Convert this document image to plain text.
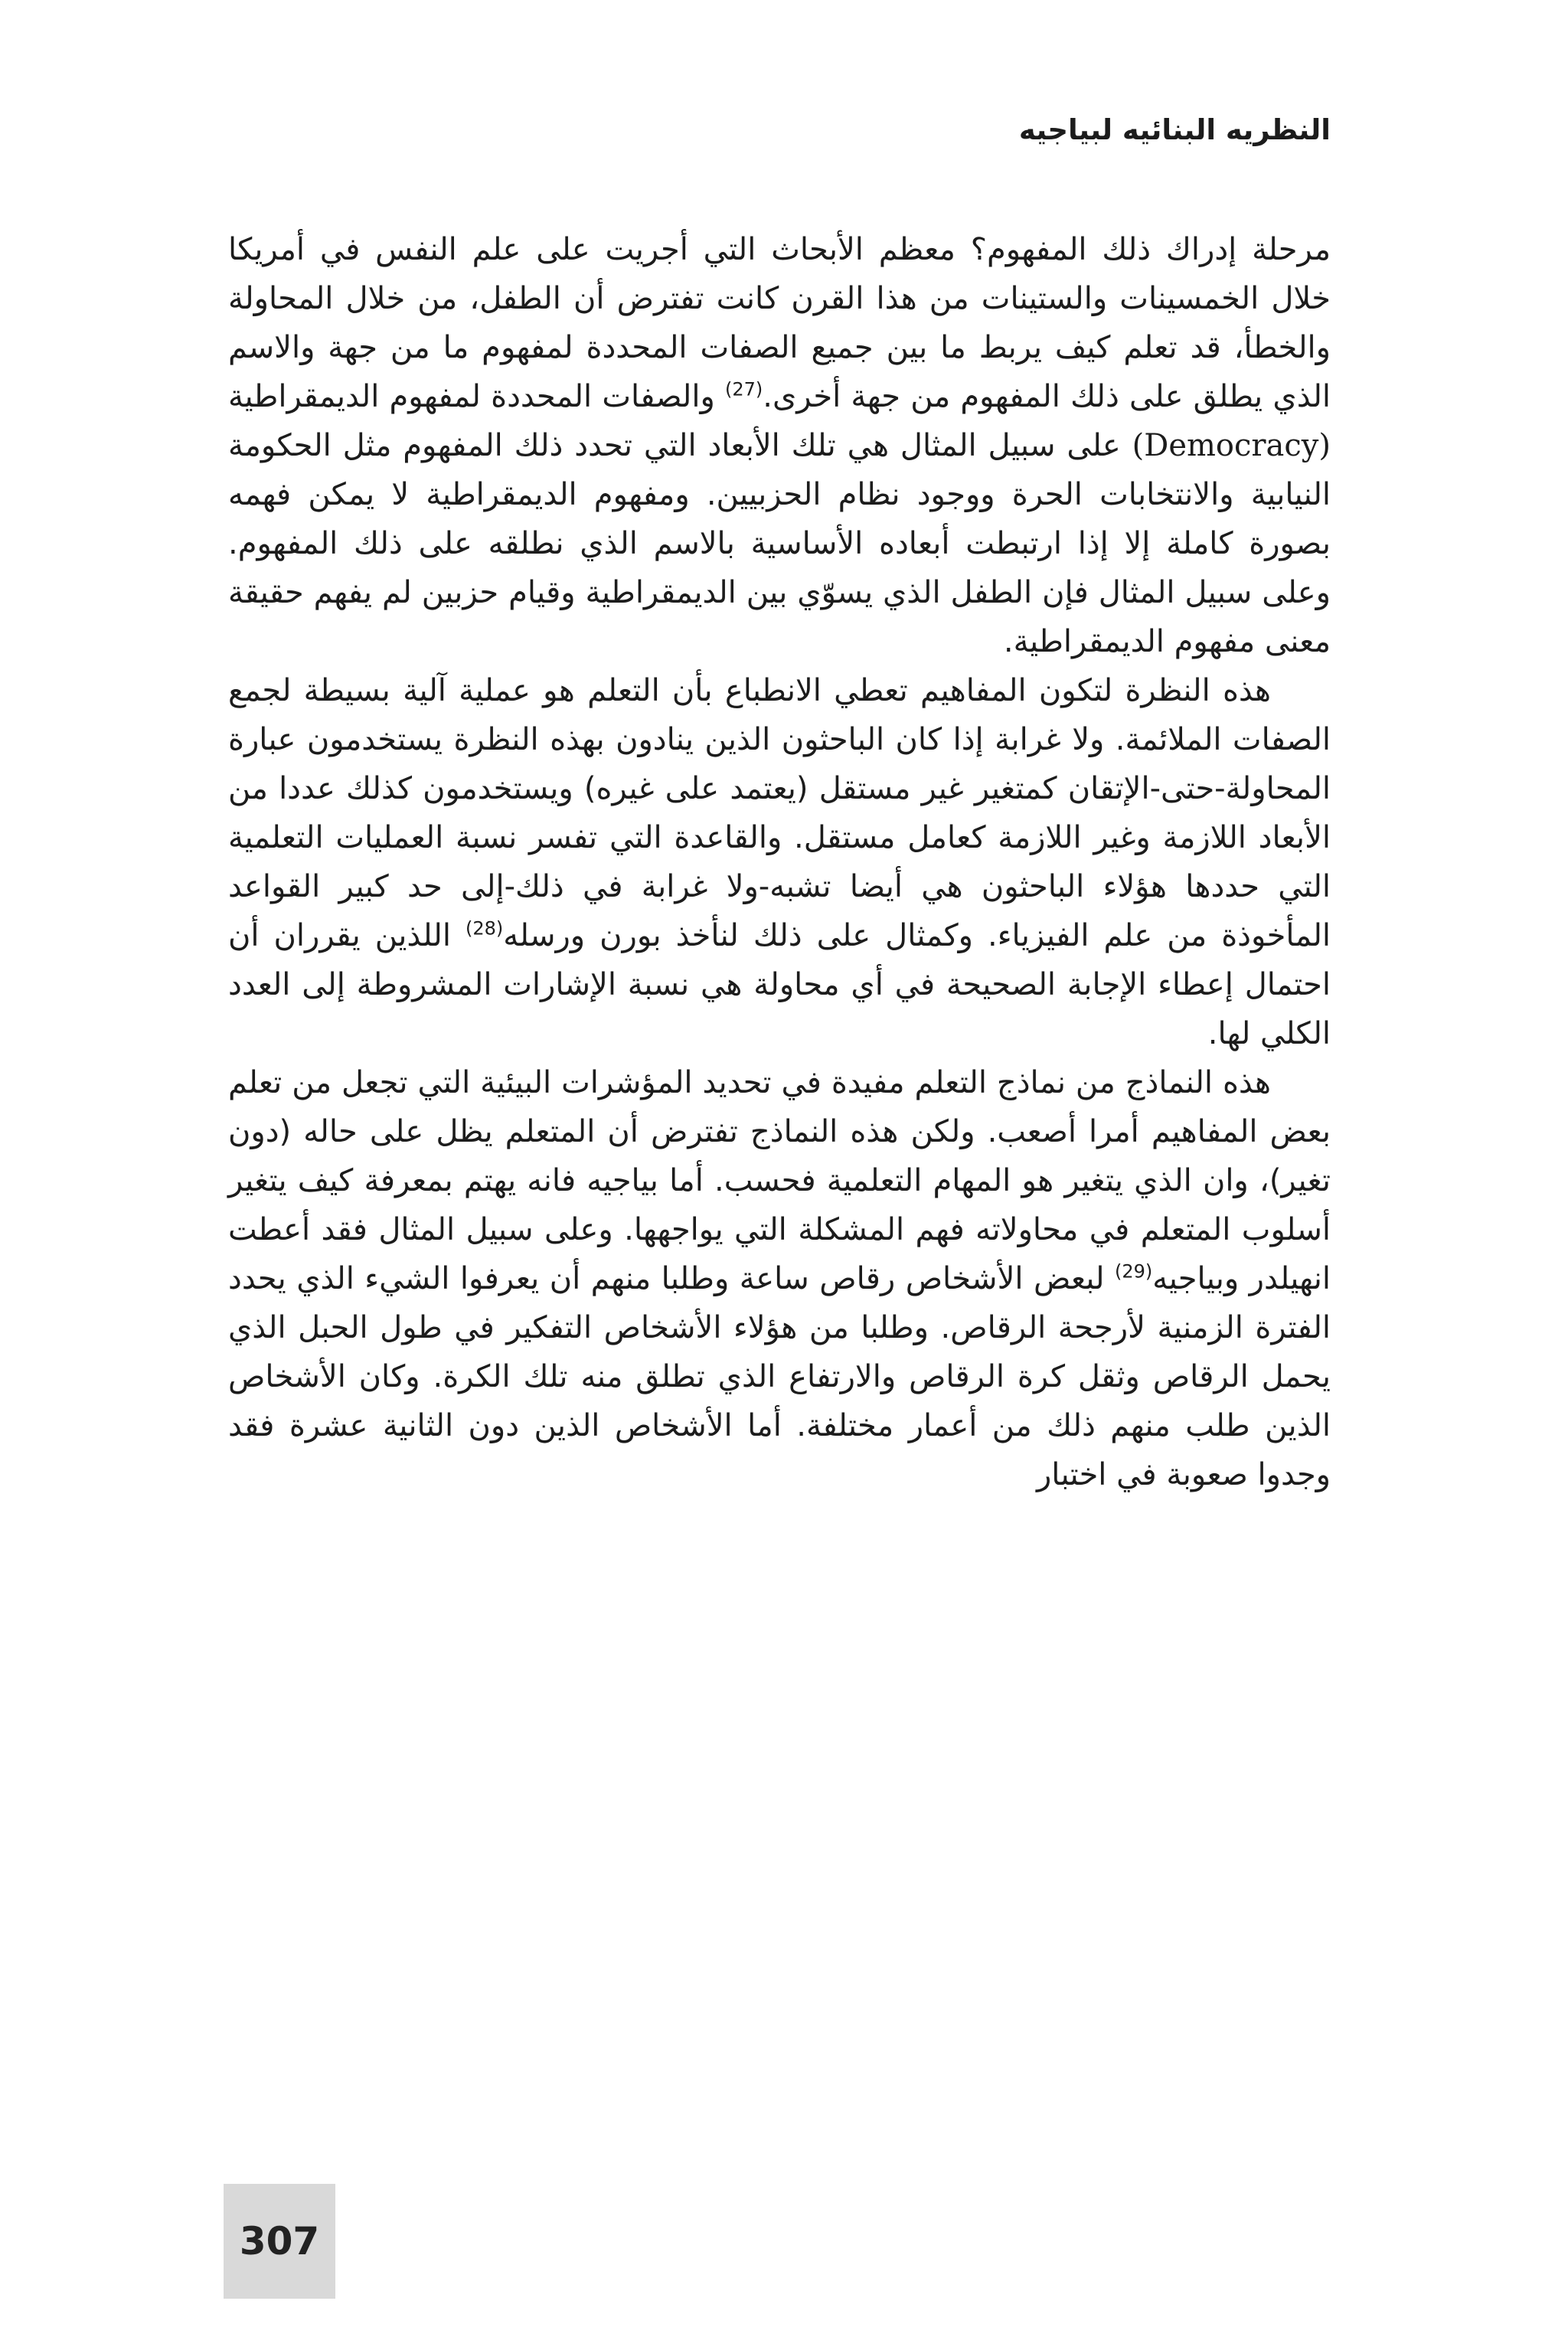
النظريه البنائيه لبياجيه

مرحلة إدراك ذلك المفهوم؟ معظم الأبحاث التي أجريت على علم النفس في أمريكا خلال الخمسينات والستينات من هذا القرن كانت تفترض أن الطفل، من خلال المحاولة والخطأ، قد تعلم كيف يربط ما بين جميع الصفات المحددة لمفهوم ما من جهة والاسم الذي يطلق على ذلك المفهوم من جهة أخرى.$^{(27)}$ والصفات المحددة لمفهوم الديمقراطية (Democracy) على سبيل المثال هي تلك الأبعاد التي تحدد ذلك المفهوم مثل الحكومة النيابية والانتخابات الحرة ووجود نظام الحزبيين. ومفهوم الديمقراطية لا يمكن فهمه بصورة كاملة إلا إذا ارتبطت أبعاده الأساسية بالاسم الذي نطلقه على ذلك المفهوم. وعلى سبيل المثال فإن الطفل الذي يسوّي بين الديمقراطية وقيام حزبين لم يفهم حقيقة معنى مفهوم الديمقراطية.

هذه النظرة لتكون المفاهيم تعطي الانطباع بأن التعلم هو عملية آلية بسيطة لجمع الصفات الملائمة. ولا غرابة إذا كان الباحثون الذين ينادون بهذه النظرة يستخدمون عبارة المحاولة-حتى-الإتقان كمتغير غير مستقل (يعتمد على غيره) ويستخدمون كذلك عددا من الأبعاد اللازمة وغير اللازمة كعامل مستقل. والقاعدة التي تفسر نسبة العمليات التعلمية التي حددها هؤلاء الباحثون هي أيضا تشبه-ولا غرابة في ذلك-إلى حد كبير القواعد المأخوذة من علم الفيزياء. وكمثال على ذلك لنأخذ بورن ورسله$^{(28)}$ اللذين يقرران أن احتمال إعطاء الإجابة الصحيحة في أي محاولة هي نسبة الإشارات المشروطة إلى العدد الكلي لها.

هذه النماذج من نماذج التعلم مفيدة في تحديد المؤشرات البيئية التي تجعل من تعلم بعض المفاهيم أمرا أصعب. ولكن هذه النماذج تفترض أن المتعلم يظل على حاله (دون تغير)، وان الذي يتغير هو المهام التعلمية فحسب. أما بياجيه فانه يهتم بمعرفة كيف يتغير أسلوب المتعلم في محاولاته فهم المشكلة التي يواجهها. وعلى سبيل المثال فقد أعطت انهيلدر وبياجيه$^{(29)}$ لبعض الأشخاص رقاص ساعة وطلبا منهم أن يعرفوا الشيء الذي يحدد الفترة الزمنية لأرجحة الرقاص. وطلبا من هؤلاء الأشخاص التفكير في طول الحبل الذي يحمل الرقاص وثقل كرة الرقاص والارتفاع الذي تطلق منه تلك الكرة. وكان الأشخاص الذين طلب منهم ذلك من أعمار مختلفة. أما الأشخاص الذين دون الثانية عشرة فقد وجدوا صعوبة في اختبار

307
